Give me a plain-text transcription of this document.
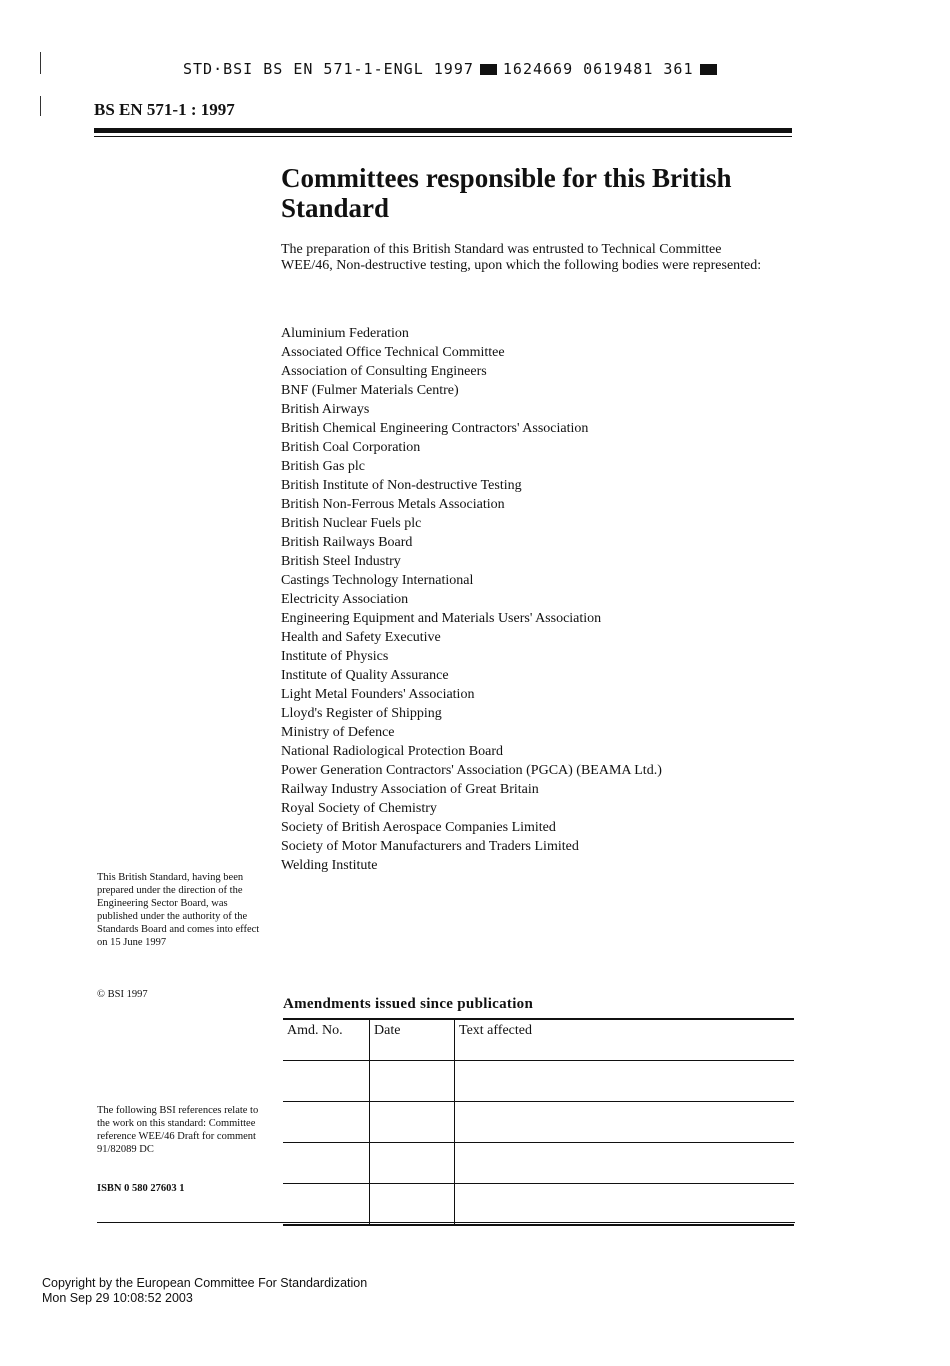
STD·BSI BS EN 571-1-ENGL 1997 1624669 0619481 361
BS EN 571-1 : 1997
Committees responsible for this British Standard
The preparation of this British Standard was entrusted to Technical Committee WEE/46, Non-destructive testing, upon which the following bodies were represented:
Aluminium Federation
Associated Office Technical Committee
Association of Consulting Engineers
BNF (Fulmer Materials Centre)
British Airways
British Chemical Engineering Contractors' Association
British Coal Corporation
British Gas plc
British Institute of Non-destructive Testing
British Non-Ferrous Metals Association
British Nuclear Fuels plc
British Railways Board
British Steel Industry
Castings Technology International
Electricity Association
Engineering Equipment and Materials Users' Association
Health and Safety Executive
Institute of Physics
Institute of Quality Assurance
Light Metal Founders' Association
Lloyd's Register of Shipping
Ministry of Defence
National Radiological Protection Board
Power Generation Contractors' Association (PGCA) (BEAMA Ltd.)
Railway Industry Association of Great Britain
Royal Society of Chemistry
Society of British Aerospace Companies Limited
Society of Motor Manufacturers and Traders Limited
Welding Institute
This British Standard, having been prepared under the direction of the Engineering Sector Board, was published under the authority of the Standards Board and comes into effect on 15 June 1997
© BSI 1997
The following BSI references relate to the work on this standard: Committee reference WEE/46 Draft for comment 91/82089 DC
ISBN 0 580 27603 1
Amendments issued since publication
Amd. No.	Date	Text affected

Copyright by the European Committee For Standardization
Mon Sep 29 10:08:52 2003
